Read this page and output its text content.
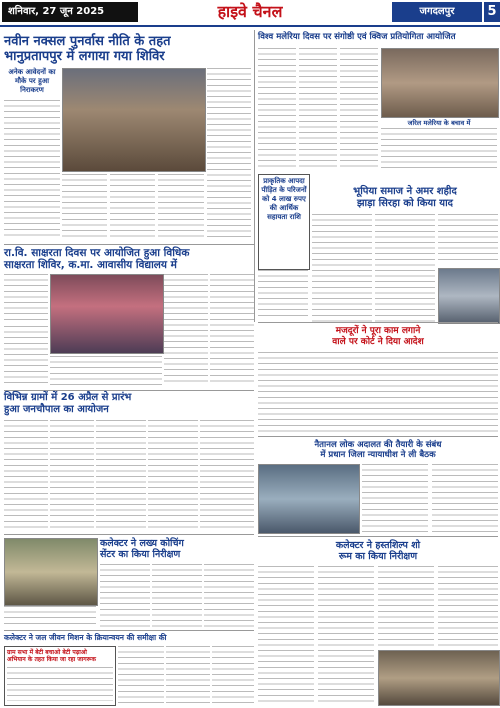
शनिवार, 27 जून 2025	हाइवे चैनल	जगदलपुर	5
नवीन नक्सल पुनर्वास नीति के तहत
भानुप्रतापपुर में लगाया गया शिविर
अनेक आवेदनों का
मौके पर हुआ
निराकरण
विश्व मलेरिया दिवस पर संगोष्ठी एवं क्विज प्रतियोगिता आयोजित
जरिल मलेरिया के बचाव में
रा.वि. साक्षरता दिवस पर आयोजित हुआ विधिक
साक्षरता शिविर, क.मा. आवासीय विद्यालय में
प्राकृतिक आपदा
पीड़ित के परिजनों
को 4 लाख रुपए
की आर्थिक
सहायता राशि
भूपिया समाज ने अमर शहीद
झाड़ा सिरहा को किया याद
विभिन्न ग्रामों में 26 अप्रैल से प्रारंभ
हुआ जनचौपाल का आयोजन
कलेक्टर ने लख्य कोचिंग
सेंटर का किया निरीक्षण
मजदूरों ने पूरा काम लगाने
वाले पर कोर्ट ने दिया आदेश
नैतानल लोक अदालत की तैयारी के संबंध
में प्रधान जिला न्यायाधीश ने ली बैठक
कलेक्टर ने जल जीवन मिशन के क्रियान्वयन की समीक्षा की
कलेक्टर ने हस्तशिल्प शो
रूम का किया निरीक्षण
ग्राम सभा में बेटी बचाओ बेटी पढ़ाओ
अभियान के तहत किया जा रहा जागरूक
